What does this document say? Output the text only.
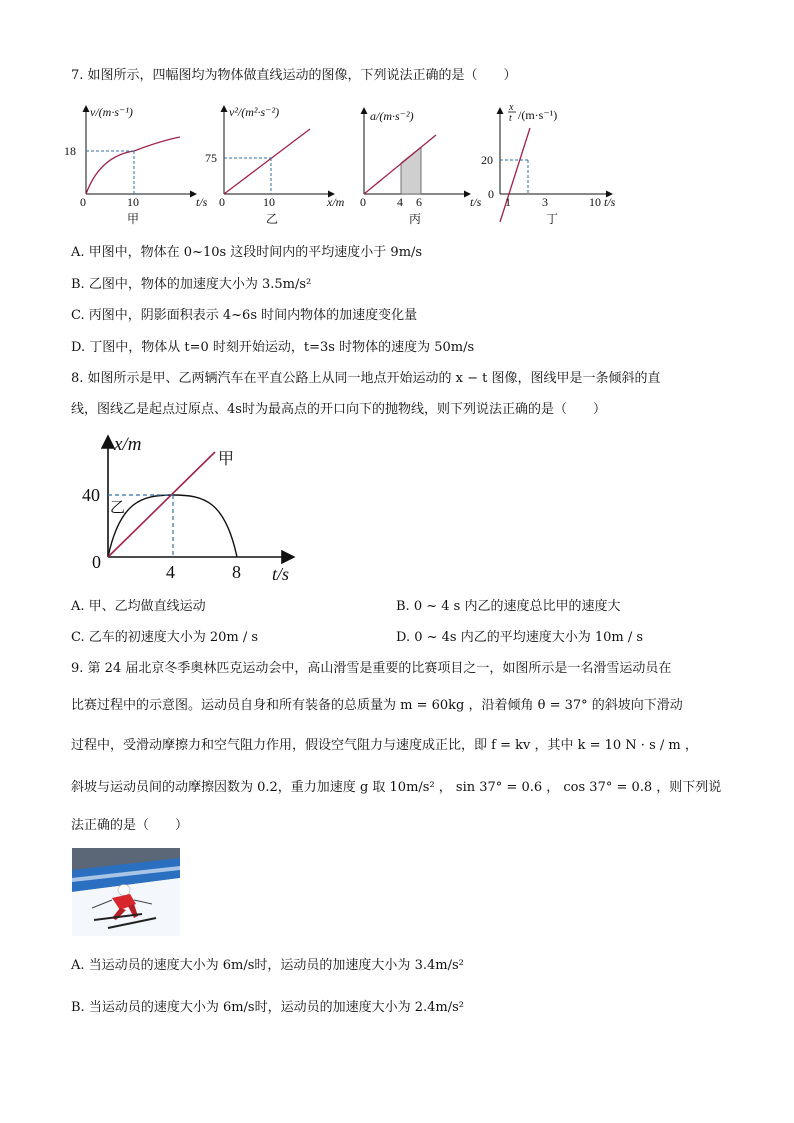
7. 如图所示，四幅图均为物体做直线运动的图像，下列说法正确的是（　　）
v/(m·s⁻¹)
18
0	10	t/s
甲
v²/(m²·s⁻²)
75
0	10	x/m
乙
a/(m·s⁻²)
0	4 6	t/s
丙
x
t /(m·s⁻¹)
20
0
1	3	10 t/s
丁
A. 甲图中，物体在 0~10s 这段时间内的平均速度小于 9m/s
B. 乙图中，物体的加速度大小为 3.5m/s²
C. 丙图中，阴影面积表示 4~6s 时间内物体的加速度变化量
D. 丁图中，物体从 t=0 时刻开始运动，t=3s 时物体的速度为 50m/s
8. 如图所示是甲、乙两辆汽车在平直公路上从同一地点开始运动的 x − t 图像，图线甲是一条倾斜的直
线，图线乙是起点过原点、4s时为最高点的开口向下的抛物线，则下列说法正确的是（　　）
x/m
甲
乙
40
0	4	8 t/s
A. 甲、乙均做直线运动	B. 0 ~ 4 s 内乙的速度总比甲的速度大
C. 乙车的初速度大小为 20m / s	D. 0 ~ 4s 内乙的平均速度大小为 10m / s
9. 第 24 届北京冬季奥林匹克运动会中，高山滑雪是重要的比赛项目之一，如图所示是一名滑雪运动员在
比赛过程中的示意图。运动员自身和所有装备的总质量为 m = 60kg ，沿着倾角 θ = 37° 的斜坡向下滑动
过程中，受滑动摩擦力和空气阻力作用，假设空气阻力与速度成正比，即 f = kv ，其中 k = 10 N · s / m ，
斜坡与运动员间的动摩擦因数为 0.2，重力加速度 g 取 10m/s² ， sin 37° = 0.6 ， cos 37° = 0.8 ，则下列说
法正确的是（　　）
A. 当运动员的速度大小为 6m/s时，运动员的加速度大小为 3.4m/s²
B. 当运动员的速度大小为 6m/s时，运动员的加速度大小为 2.4m/s²
